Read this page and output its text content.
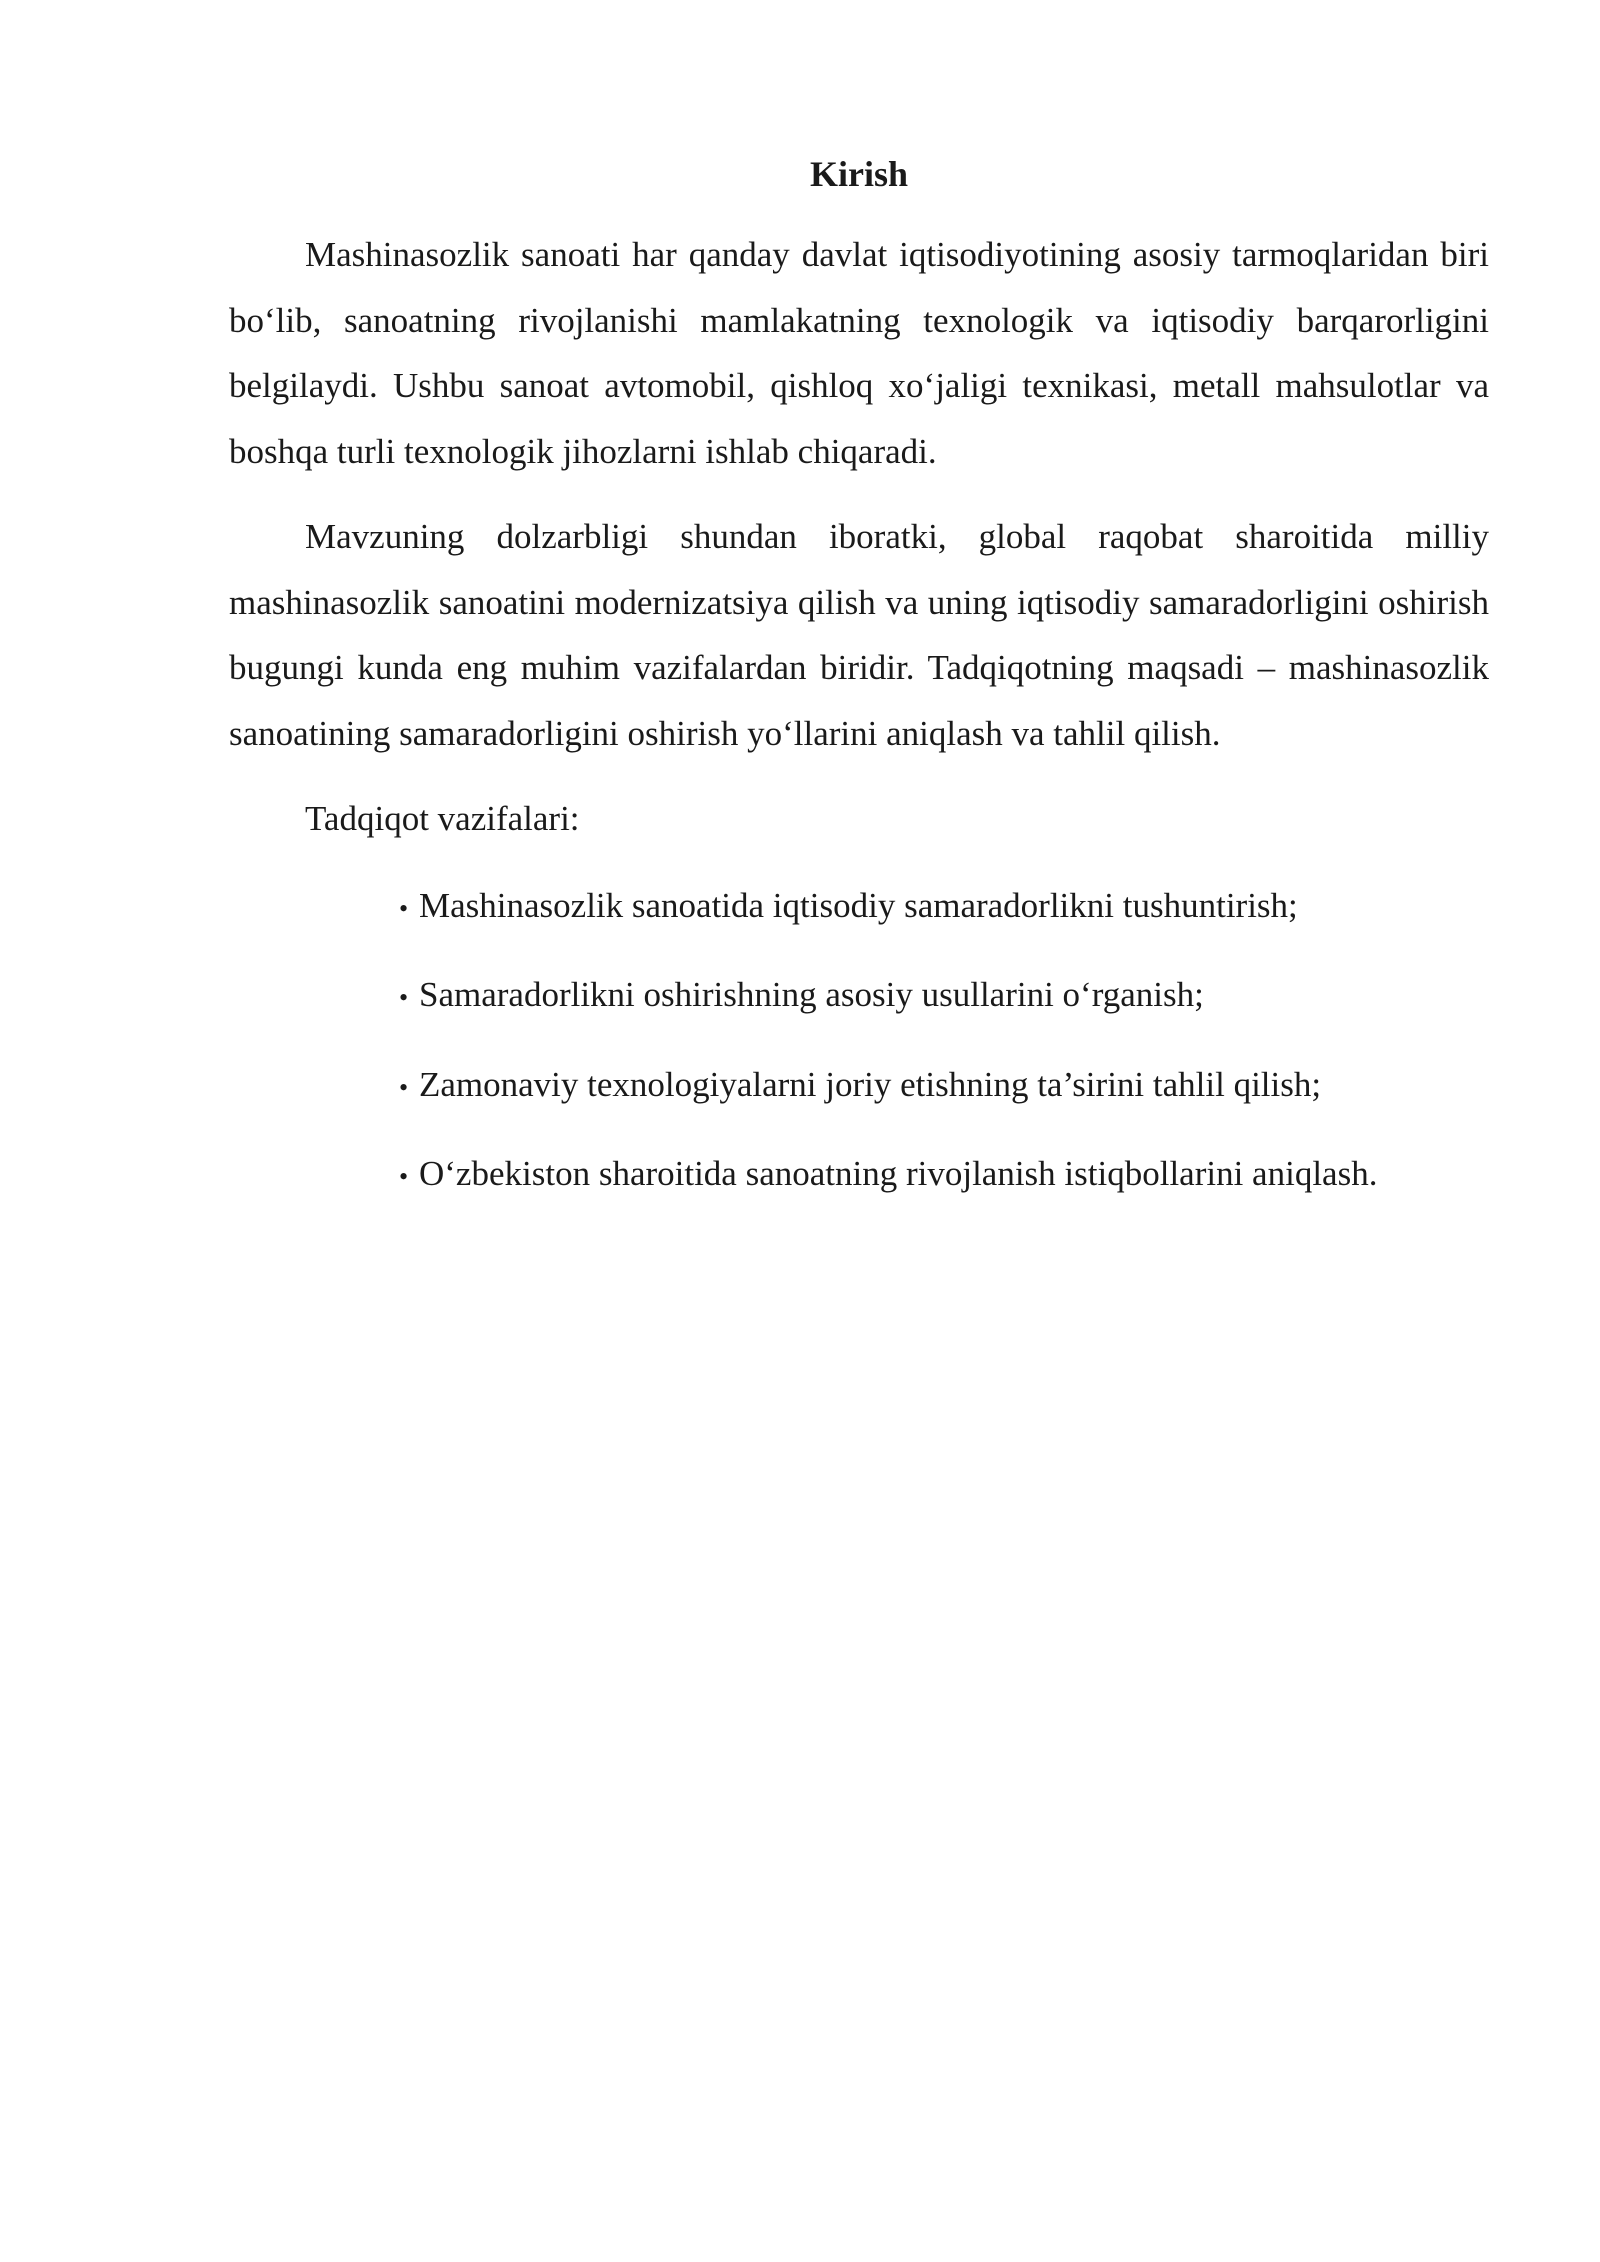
Kirish

Mashinasozlik sanoati har qanday davlat iqtisodiyotining asosiy tarmoqlaridan biri bo‘lib, sanoatning rivojlanishi mamlakatning texnologik va iqtisodiy barqarorligini belgilaydi. Ushbu sanoat avtomobil, qishloq xo‘jaligi texnikasi, metall mahsulotlar va boshqa turli texnologik jihozlarni ishlab chiqaradi.

Mavzuning dolzarbligi shundan iboratki, global raqobat sharoitida milliy mashinasozlik sanoatini modernizatsiya qilish va uning iqtisodiy samaradorligini oshirish bugungi kunda eng muhim vazifalardan biridir. Tadqiqotning maqsadi – mashinasozlik sanoatining samaradorligini oshirish yo‘llarini aniqlash va tahlil qilish.

Tadqiqot vazifalari:

• Mashinasozlik sanoatida iqtisodiy samaradorlikni tushuntirish;
• Samaradorlikni oshirishning asosiy usullarini o‘rganish;
• Zamonaviy texnologiyalarni joriy etishning ta’sirini tahlil qilish;
• O‘zbekiston sharoitida sanoatning rivojlanish istiqbollarini aniqlash.
